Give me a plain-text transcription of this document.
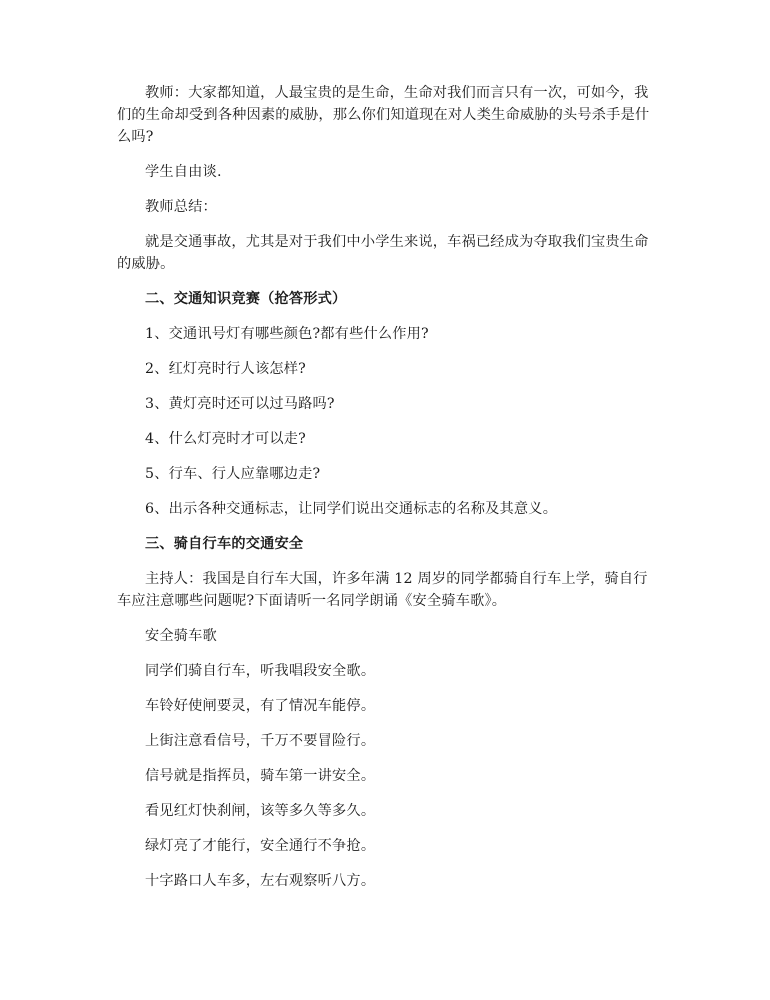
教师：大家都知道，人最宝贵的是生命，生命对我们而言只有一次，可如今，我们的生命却受到各种因素的威胁，那么你们知道现在对人类生命威胁的头号杀手是什么吗?

学生自由谈.

教师总结：

就是交通事故，尤其是对于我们中小学生来说，车祸已经成为夺取我们宝贵生命的威胁。

二、交通知识竞赛（抢答形式）

1、交通讯号灯有哪些颜色?都有些什么作用?

2、红灯亮时行人该怎样?

3、黄灯亮时还可以过马路吗?

4、什么灯亮时才可以走?

5、行车、行人应靠哪边走?

6、出示各种交通标志，让同学们说出交通标志的名称及其意义。

三、骑自行车的交通安全

主持人：我国是自行车大国，许多年满 12 周岁的同学都骑自行车上学，骑自行车应注意哪些问题呢?下面请听一名同学朗诵《安全骑车歌》。

安全骑车歌

同学们骑自行车，听我唱段安全歌。

车铃好使闸要灵，有了情况车能停。

上街注意看信号，千万不要冒险行。

信号就是指挥员，骑车第一讲安全。

看见红灯快刹闸，该等多久等多久。

绿灯亮了才能行，安全通行不争抢。

十字路口人车多，左右观察听八方。
